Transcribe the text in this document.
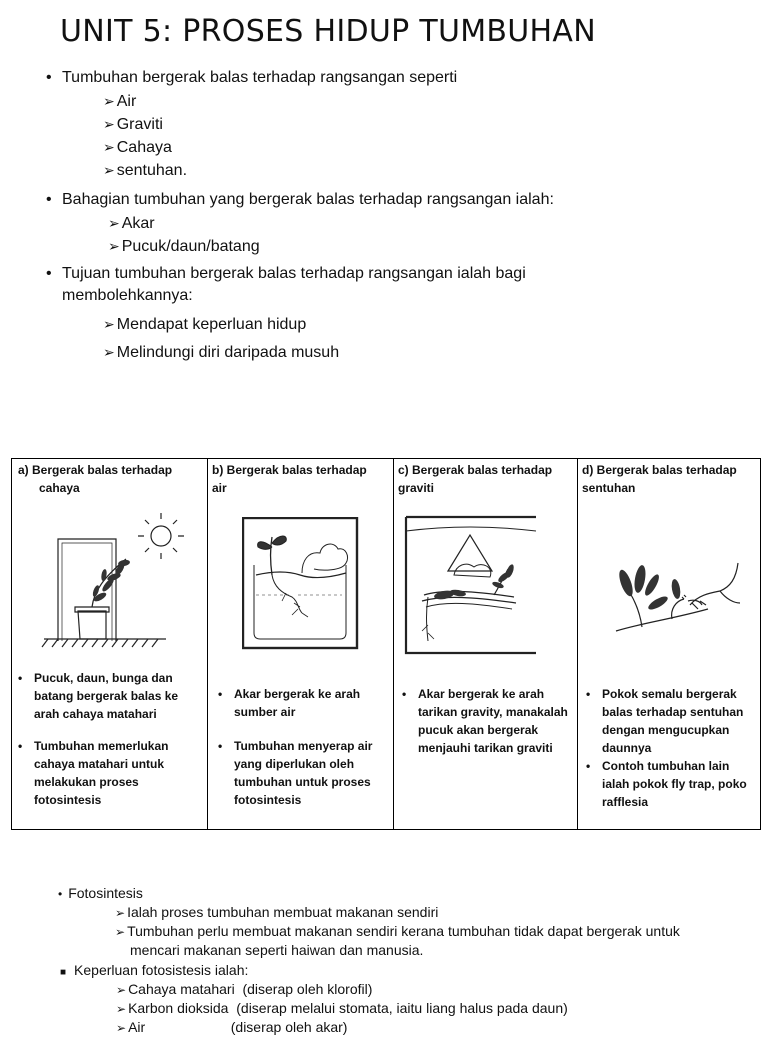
UNIT 5: PROSES HIDUP TUMBUHAN
• Tumbuhan bergerak balas terhadap rangsangan seperti
➢ Air
➢ Graviti
➢ Cahaya
➢ sentuhan.
• Bahagian tumbuhan yang bergerak balas terhadap rangsangan ialah:
➢ Akar
➢ Pucuk/daun/batang
• Tujuan tumbuhan bergerak balas terhadap rangsangan ialah bagi
membolehkannya:
➢ Mendapat keperluan hidup
➢ Melindungi diri daripada musuh
a) Bergerak balas terhadap
cahaya
• Pucuk, daun, bunga dan
batang bergerak balas ke
arah cahaya matahari
• Tumbuhan memerlukan
cahaya matahari untuk
melakukan proses
fotosintesis
b) Bergerak balas terhadap
air
• Akar bergerak ke arah
sumber air
• Tumbuhan menyerap air
yang diperlukan oleh
tumbuhan untuk proses
fotosintesis
c) Bergerak balas terhadap
graviti
• Akar bergerak ke arah
tarikan gravity, manakalah
pucuk akan bergerak
menjauhi tarikan graviti
d) Bergerak balas terhadap
sentuhan
• Pokok semalu bergerak
balas terhadap sentuhan
dengan mengucupkan
daunnya
• Contoh tumbuhan lain
ialah pokok fly trap, poko
rafflesia
• Fotosintesis
➢ Ialah proses tumbuhan membuat makanan sendiri
➢ Tumbuhan perlu membuat makanan sendiri kerana tumbuhan tidak dapat bergerak untuk
mencari makanan seperti haiwan dan manusia.
■ Keperluan fotosistesis ialah:
➢ Cahaya matahari  (diserap oleh klorofil)
➢ Karbon dioksida  (diserap melalui stomata, iaitu liang halus pada daun)
➢ Air                      (diserap oleh akar)
